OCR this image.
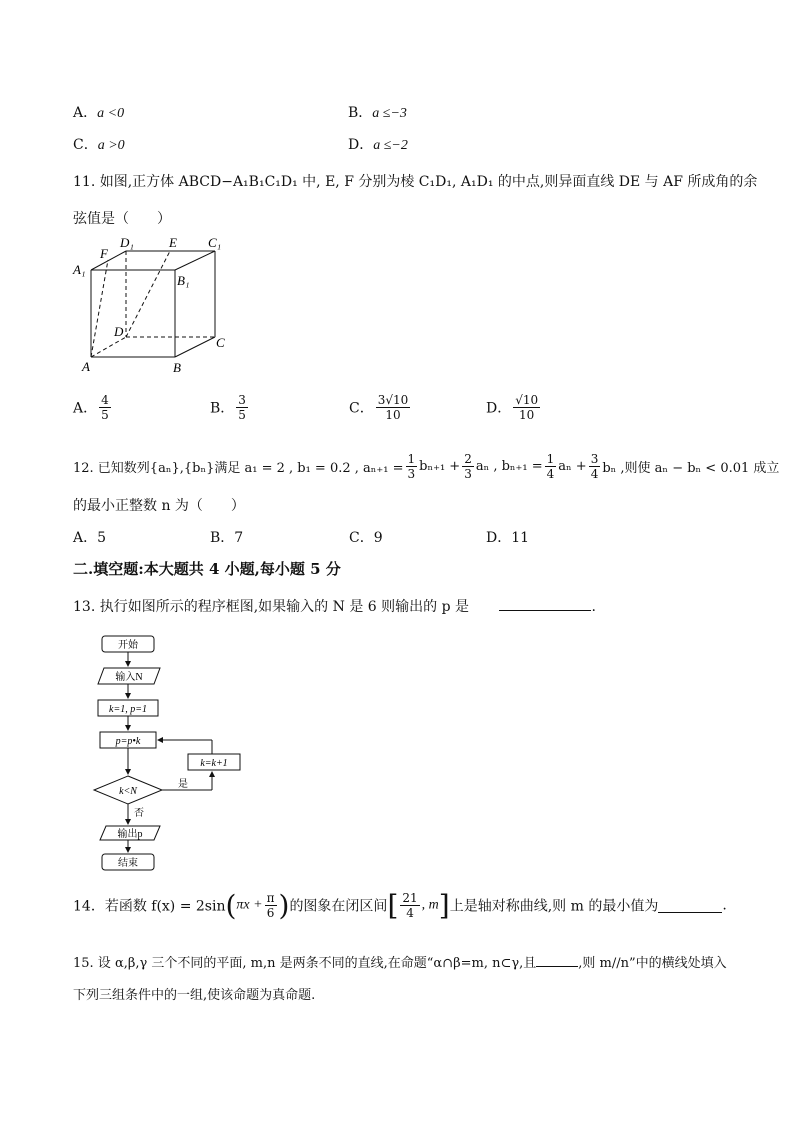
A．a <0	B．a ≤−3
C．a >0	D．a ≤−2
11. 如图,正方体 ABCD−A₁B₁C₁D₁ 中, E, F 分别为棱 C₁D₁, A₁D₁ 的中点,则异面直线 DE 与 AF 所成角的余
弦值是（　　）
A₁
F
D₁	E C₁
B₁
D
C
A	B
A． $\frac{4}{5}$	B． $\frac{3}{5}$	C． $\frac{3√10}{10}$	D． $\frac{√10}{10}$
12. 已知数列{aₙ},{bₙ}满足 a₁ = 2 , b₁ = 0.2 , $a_{n+1} = \frac{1}{3} b_{n+1} + \frac{2}{3}$ aₙ , $b_{n+1} = \frac{1}{4}$ $a_n + \frac{3}{4}$ bₙ ,则使 aₙ − bₙ < 0.01 成立
的最小正整数 n 为（　　）
A．5	B．7	C．9	D．11
二.填空题:本大题共 4 小题,每小题 5 分
13. 执行如图所示的程序框图,如果输入的 N 是 6 则输出的 p 是	.
开始
输入N
k=1, p=1
p=p•k
k<N
是
k=k+1
否
输出p
结束
14．若函数 $f(x) = 2\sin(\pi x + \frac{\pi}{6}$ )的图象在闭区间[ $\frac{21}{4}$ , m]上是轴对称曲线,则 m 的最小值为	.
15. 设 α,β,γ 三个不同的平面, m,n 是两条不同的直线,在命题“α∩β=m, n⊂γ,且	,则 m//n”中的横线处填入
下列三组条件中的一组,使该命题为真命题.
